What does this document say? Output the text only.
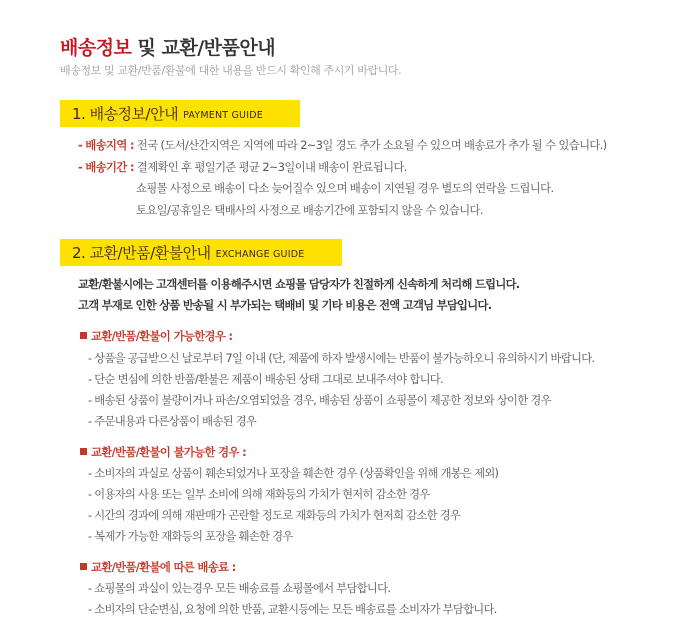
배송정보 및 교환/반품안내
배송정보 및 교환/반품/환불에 대한 내용을 반드시 확인해 주시기 바랍니다.
1. 배송정보/안내 PAYMENT GUIDE
- 배송지역 : 전국 (도서/산간지역은 지역에 따라 2~3일 경도 추가 소요될 수 있으며 배송료가 추가 될 수 있습니다.)
- 배송기간 : 결제확인 후 평일기준 평균 2~3일이내 배송이 완료됩니다.
쇼핑몰 사정으로 배송이 다소 늦어질수 있으며 배송이 지연될 경우 별도의 연락을 드립니다.
토요일/공휴일은 택배사의 사정으로 배송기간에 포함되지 않을 수 있습니다.
2. 교환/반품/환불안내 EXCHANGE GUIDE
교환/환불시에는 고객센터를 이용해주시면 쇼핑몰 담당자가 친절하게 신속하게 처리해 드립니다.
고객 부재로 인한 상품 반송될 시 부가되는 택배비 및 기타 비용은 전액 고객님 부담입니다.
교환/반품/환불이 가능한경우 :
- 상품을 공급받으신 날로부터 7일 이내 (단, 제품에 하자 발생시에는 반품이 불가능하오니 유의하시기 바랍니다.
- 단순 변심에 의한 반품/환불은 제품이 배송된 상태 그대로 보내주셔야 합니다.
- 배송된 상품이 불량이거나 파손/오염되었을 경우, 배송된 상품이 쇼핑몰이 제공한 정보와 상이한 경우
- 주문내용과 다른상품이 배송된 경우
교환/반품/환불이 불가능한 경우 :
- 소비자의 과실로 상품이 훼손되었거나 포장을 훼손한 경우 (상품확인을 위해 개봉은 제외)
- 이용자의 사용 또는 일부 소비에 의해 재화등의 가치가 현저히 감소한 경우
- 시간의 경과에 의해 재판매가 곤란할 정도로 재화등의 가치가 현저희 감소한 경우
- 복제가 가능한 재화등의 포장을 훼손한 경우
교환/반품/환불에 따른 배송료 :
- 쇼핑몰의 과실이 있는경우 모든 배송료를 쇼핑몰에서 부담합니다.
- 소비자의 단순변심, 요청에 의한 반품, 교환시등에는 모든 배송료를 소비자가 부담합니다.
